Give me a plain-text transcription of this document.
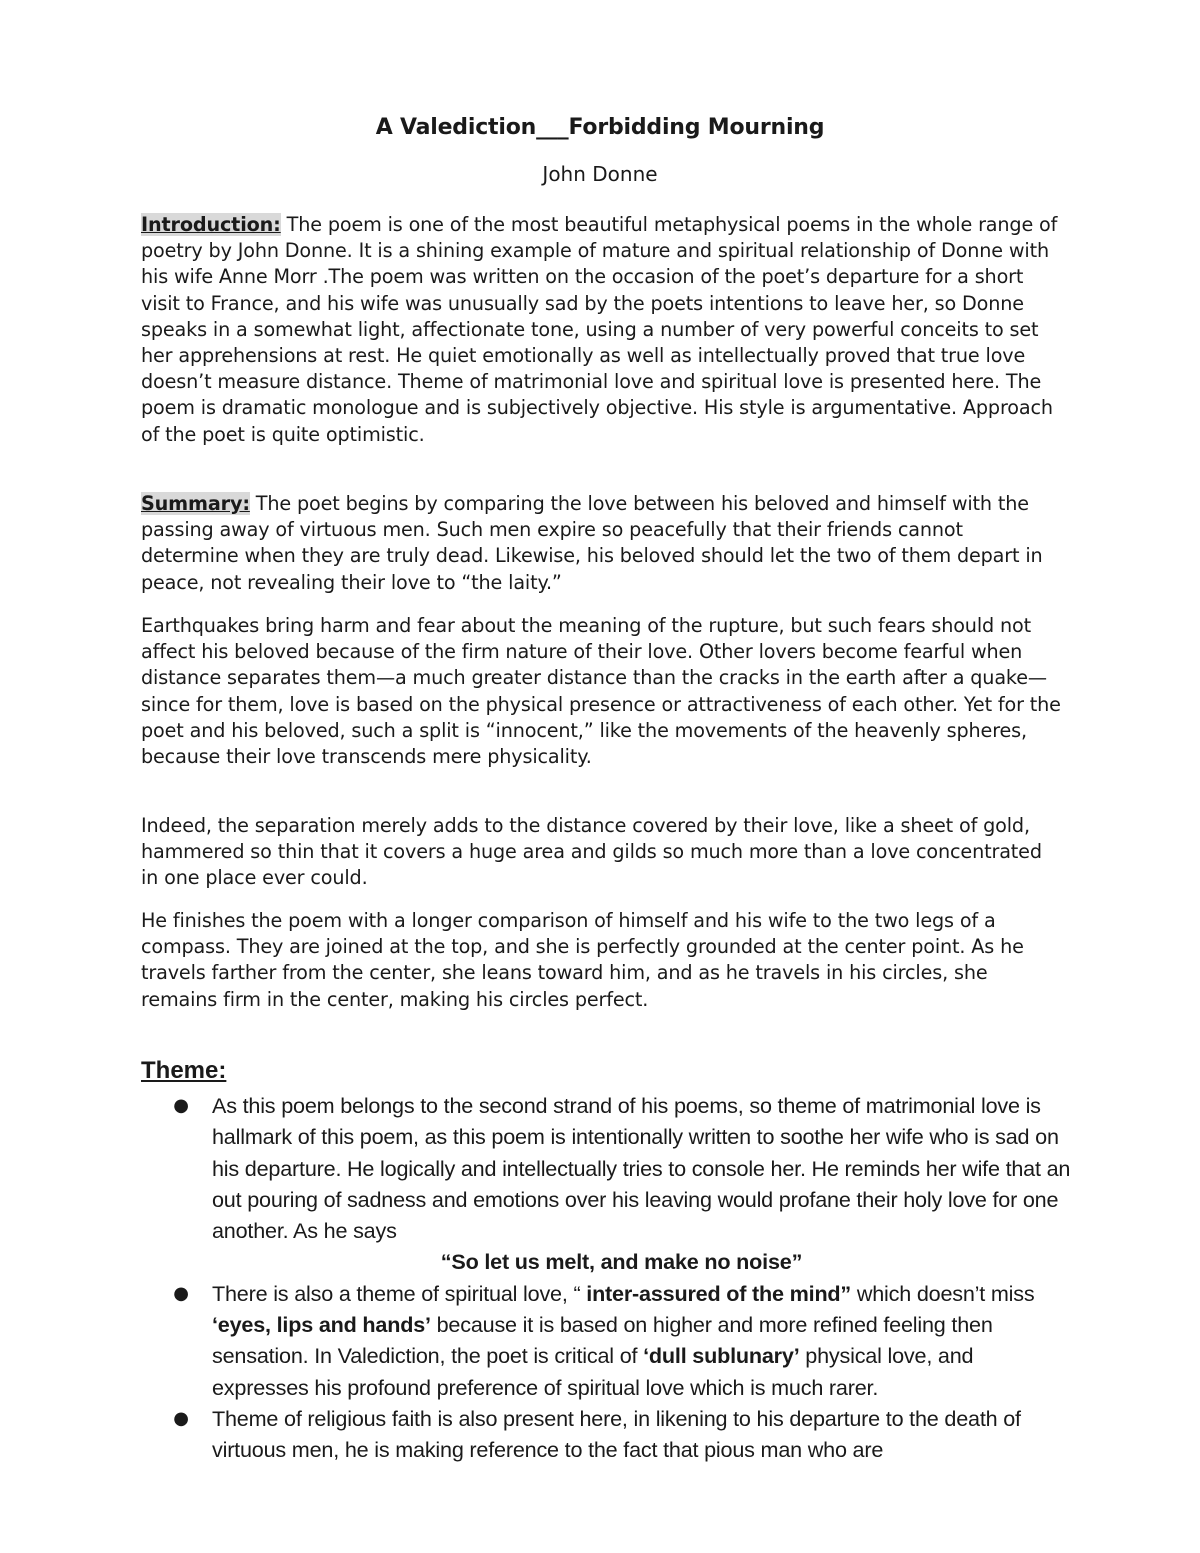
A Valediction___Forbidding Mourning
John Donne

Introduction: The poem is one of the most beautiful metaphysical poems in the whole range of poetry by John Donne. It is a shining example of mature and spiritual relationship of Donne with his wife Anne Morr .The poem was written on the occasion of the poet’s departure for a short visit to France, and his wife was unusually sad by the poets intentions to leave her, so Donne speaks in a somewhat light, affectionate tone, using a number of very powerful conceits to set her apprehensions at rest. He quiet emotionally as well as intellectually proved that true love doesn’t measure distance. Theme of matrimonial love and spiritual love is presented here. The poem is dramatic monologue and is subjectively objective. His style is argumentative. Approach of the poet is quite optimistic.

Summary: The poet begins by comparing the love between his beloved and himself with the passing away of virtuous men. Such men expire so peacefully that their friends cannot determine when they are truly dead. Likewise, his beloved should let the two of them depart in peace, not revealing their love to “the laity.”

Earthquakes bring harm and fear about the meaning of the rupture, but such fears should not affect his beloved because of the firm nature of their love. Other lovers become fearful when distance separates them—a much greater distance than the cracks in the earth after a quake—since for them, love is based on the physical presence or attractiveness of each other. Yet for the poet and his beloved, such a split is “innocent,” like the movements of the heavenly spheres, because their love transcends mere physicality.

Indeed, the separation merely adds to the distance covered by their love, like a sheet of gold, hammered so thin that it covers a huge area and gilds so much more than a love concentrated in one place ever could.

He finishes the poem with a longer comparison of himself and his wife to the two legs of a compass. They are joined at the top, and she is perfectly grounded at the center point. As he travels farther from the center, she leans toward him, and as he travels in his circles, she remains firm in the center, making his circles perfect.

Theme:
● As this poem belongs to the second strand of his poems, so theme of matrimonial love is hallmark of this poem, as this poem is intentionally written to soothe her wife who is sad on his departure. He logically and intellectually tries to console her. He reminds her wife that an out pouring of sadness and emotions over his leaving would profane their holy love for one another. As he says
“So let us melt, and make no noise”
● There is also a theme of spiritual love, “ inter-assured of the mind” which doesn’t miss ‘eyes, lips and hands’ because it is based on higher and more refined feeling then sensation. In Valediction, the poet is critical of ‘dull sublunary’ physical love, and expresses his profound preference of spiritual love which is much rarer.
● Theme of religious faith is also present here, in likening to his departure to the death of virtuous men, he is making reference to the fact that pious man who are
